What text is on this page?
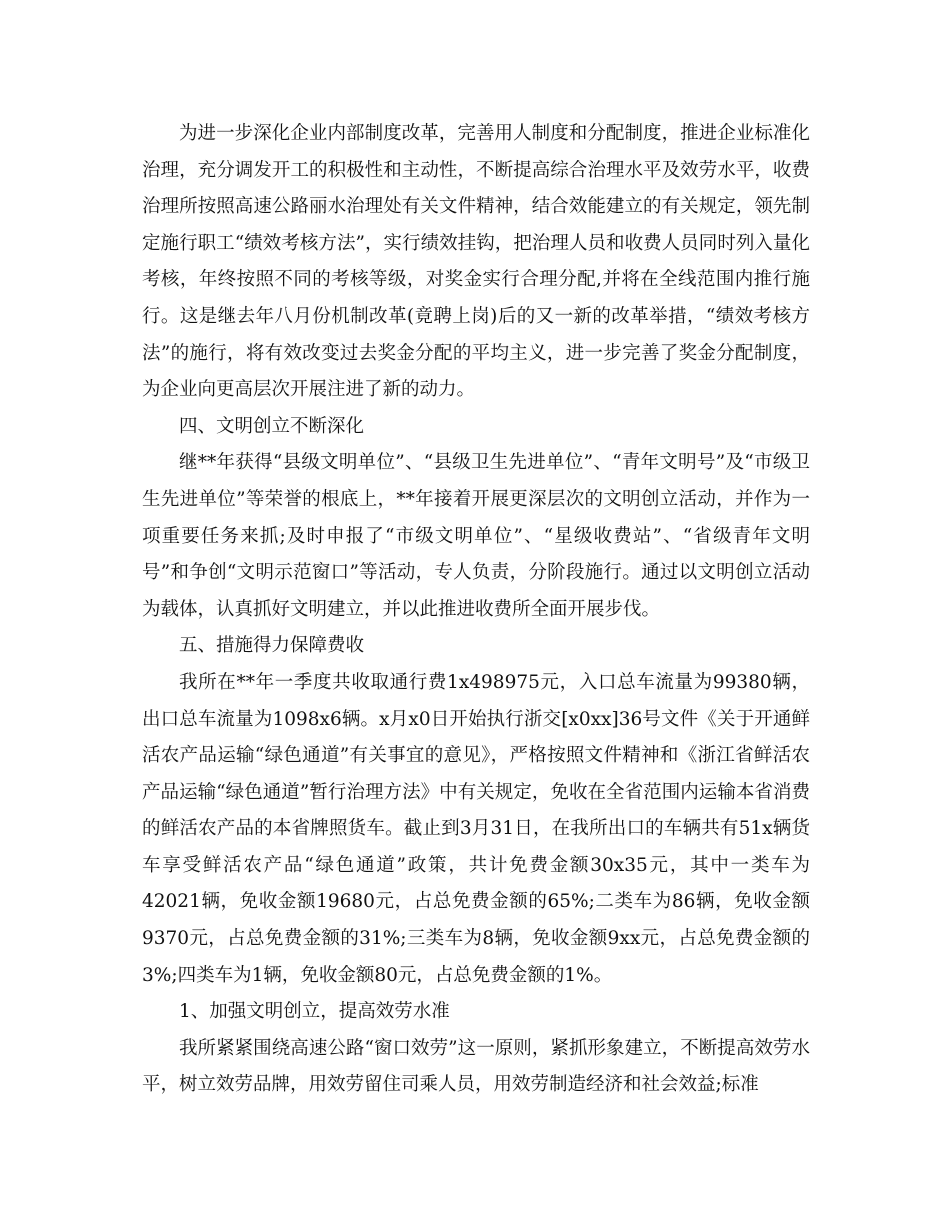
为进一步深化企业内部制度改革，完善用人制度和分配制度，推进企业标准化治理，充分调发开工的积极性和主动性，不断提高综合治理水平及效劳水平，收费治理所按照高速公路丽水治理处有关文件精神，结合效能建立的有关规定，领先制定施行职工“绩效考核方法”，实行绩效挂钩，把治理人员和收费人员同时列入量化考核，年终按照不同的考核等级，对奖金实行合理分配,并将在全线范围内推行施行。这是继去年八月份机制改革(竟聘上岗)后的又一新的改革举措，“绩效考核方法”的施行，将有效改变过去奖金分配的平均主义，进一步完善了奖金分配制度，为企业向更高层次开展注进了新的动力。

四、文明创立不断深化

继**年获得“县级文明单位”、“县级卫生先进单位”、“青年文明号”及“市级卫生先进单位”等荣誉的根底上，**年接着开展更深层次的文明创立活动，并作为一项重要任务来抓;及时申报了“市级文明单位”、“星级收费站”、“省级青年文明号”和争创“文明示范窗口”等活动，专人负责，分阶段施行。通过以文明创立活动为载体，认真抓好文明建立，并以此推进收费所全面开展步伐。

五、措施得力保障费收

我所在**年一季度共收取通行费1x498975元，入口总车流量为99380辆，出口总车流量为1098x6辆。x月x0日开始执行浙交[x0xx]36号文件《关于开通鲜活农产品运输“绿色通道”有关事宜的意见》，严格按照文件精神和《浙江省鲜活农产品运输“绿色通道”暂行治理方法》中有关规定，免收在全省范围内运输本省消费的鲜活农产品的本省牌照货车。截止到3月31日，在我所出口的车辆共有51x辆货车享受鲜活农产品“绿色通道”政策，共计免费金额30x35元，其中一类车为42021辆，免收金额19680元，占总免费金额的65%;二类车为86辆，免收金额9370元，占总免费金额的31%;三类车为8辆，免收金额9xx元，占总免费金额的3%;四类车为1辆，免收金额80元，占总免费金额的1%。

1、加强文明创立，提高效劳水准

我所紧紧围绕高速公路“窗口效劳”这一原则，紧抓形象建立，不断提高效劳水平，树立效劳品牌，用效劳留住司乘人员，用效劳制造经济和社会效益;标准
